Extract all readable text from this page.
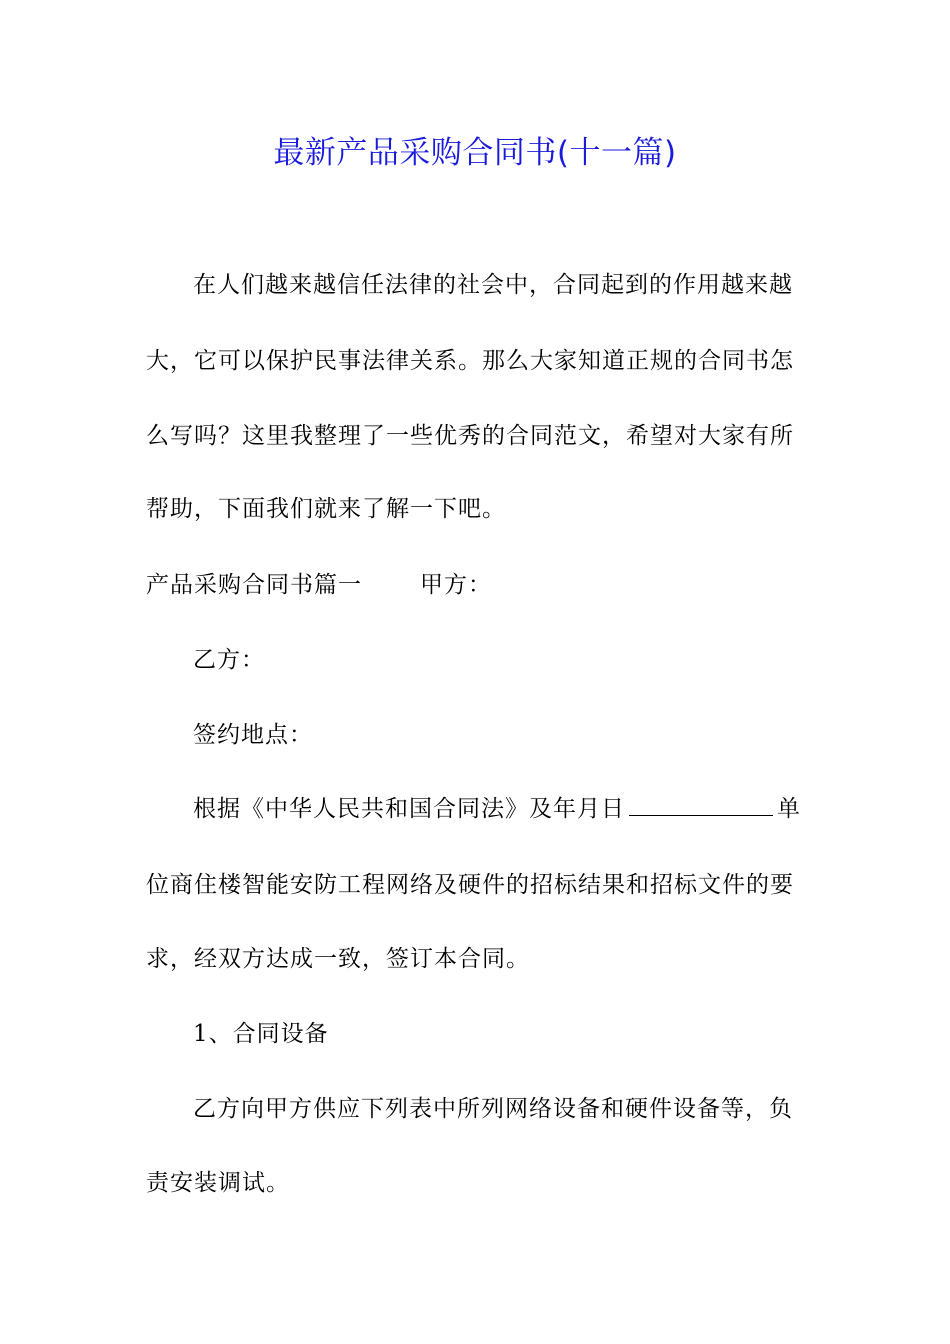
最新产品采购合同书(十一篇)
在人们越来越信任法律的社会中，合同起到的作用越来越
大，它可以保护民事法律关系。那么大家知道正规的合同书怎
么写吗？这里我整理了一些优秀的合同范文，希望对大家有所
帮助，下面我们就来了解一下吧。
产品采购合同书篇一	甲方：
乙方：
签约地点：
根据《中华人民共和国合同法》及年月日	单
位商住楼智能安防工程网络及硬件的招标结果和招标文件的要
求，经双方达成一致，签订本合同。
1、合同设备
乙方向甲方供应下列表中所列网络设备和硬件设备等，负
责安装调试。
